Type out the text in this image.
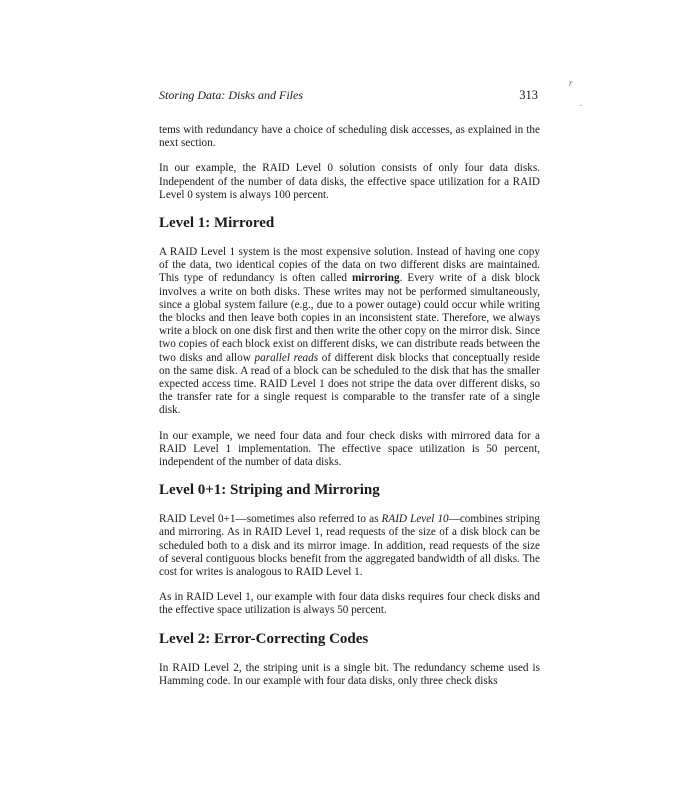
r
.
Storing Data: Disks and Files	313

tems with redundancy have a choice of scheduling disk accesses, as explained in the next section.

In our example, the RAID Level 0 solution consists of only four data disks. Independent of the number of data disks, the effective space utilization for a RAID Level 0 system is always 100 percent.

Level 1: Mirrored

A RAID Level 1 system is the most expensive solution. Instead of having one copy of the data, two identical copies of the data on two different disks are maintained. This type of redundancy is often called mirroring. Every write of a disk block involves a write on both disks. These writes may not be performed simultaneously, since a global system failure (e.g., due to a power outage) could occur while writing the blocks and then leave both copies in an inconsistent state. Therefore, we always write a block on one disk first and then write the other copy on the mirror disk. Since two copies of each block exist on different disks, we can distribute reads between the two disks and allow parallel reads of different disk blocks that conceptually reside on the same disk. A read of a block can be scheduled to the disk that has the smaller expected access time. RAID Level 1 does not stripe the data over different disks, so the transfer rate for a single request is comparable to the transfer rate of a single disk.

In our example, we need four data and four check disks with mirrored data for a RAID Level 1 implementation. The effective space utilization is 50 percent, independent of the number of data disks.

Level 0+1: Striping and Mirroring

RAID Level 0+1—sometimes also referred to as RAID Level 10—combines striping and mirroring. As in RAID Level 1, read requests of the size of a disk block can be scheduled both to a disk and its mirror image. In addition, read requests of the size of several contiguous blocks benefit from the aggregated bandwidth of all disks. The cost for writes is analogous to RAID Level 1.

As in RAID Level 1, our example with four data disks requires four check disks and the effective space utilization is always 50 percent.

Level 2: Error-Correcting Codes

In RAID Level 2, the striping unit is a single bit. The redundancy scheme used is Hamming code. In our example with four data disks, only three check disks
